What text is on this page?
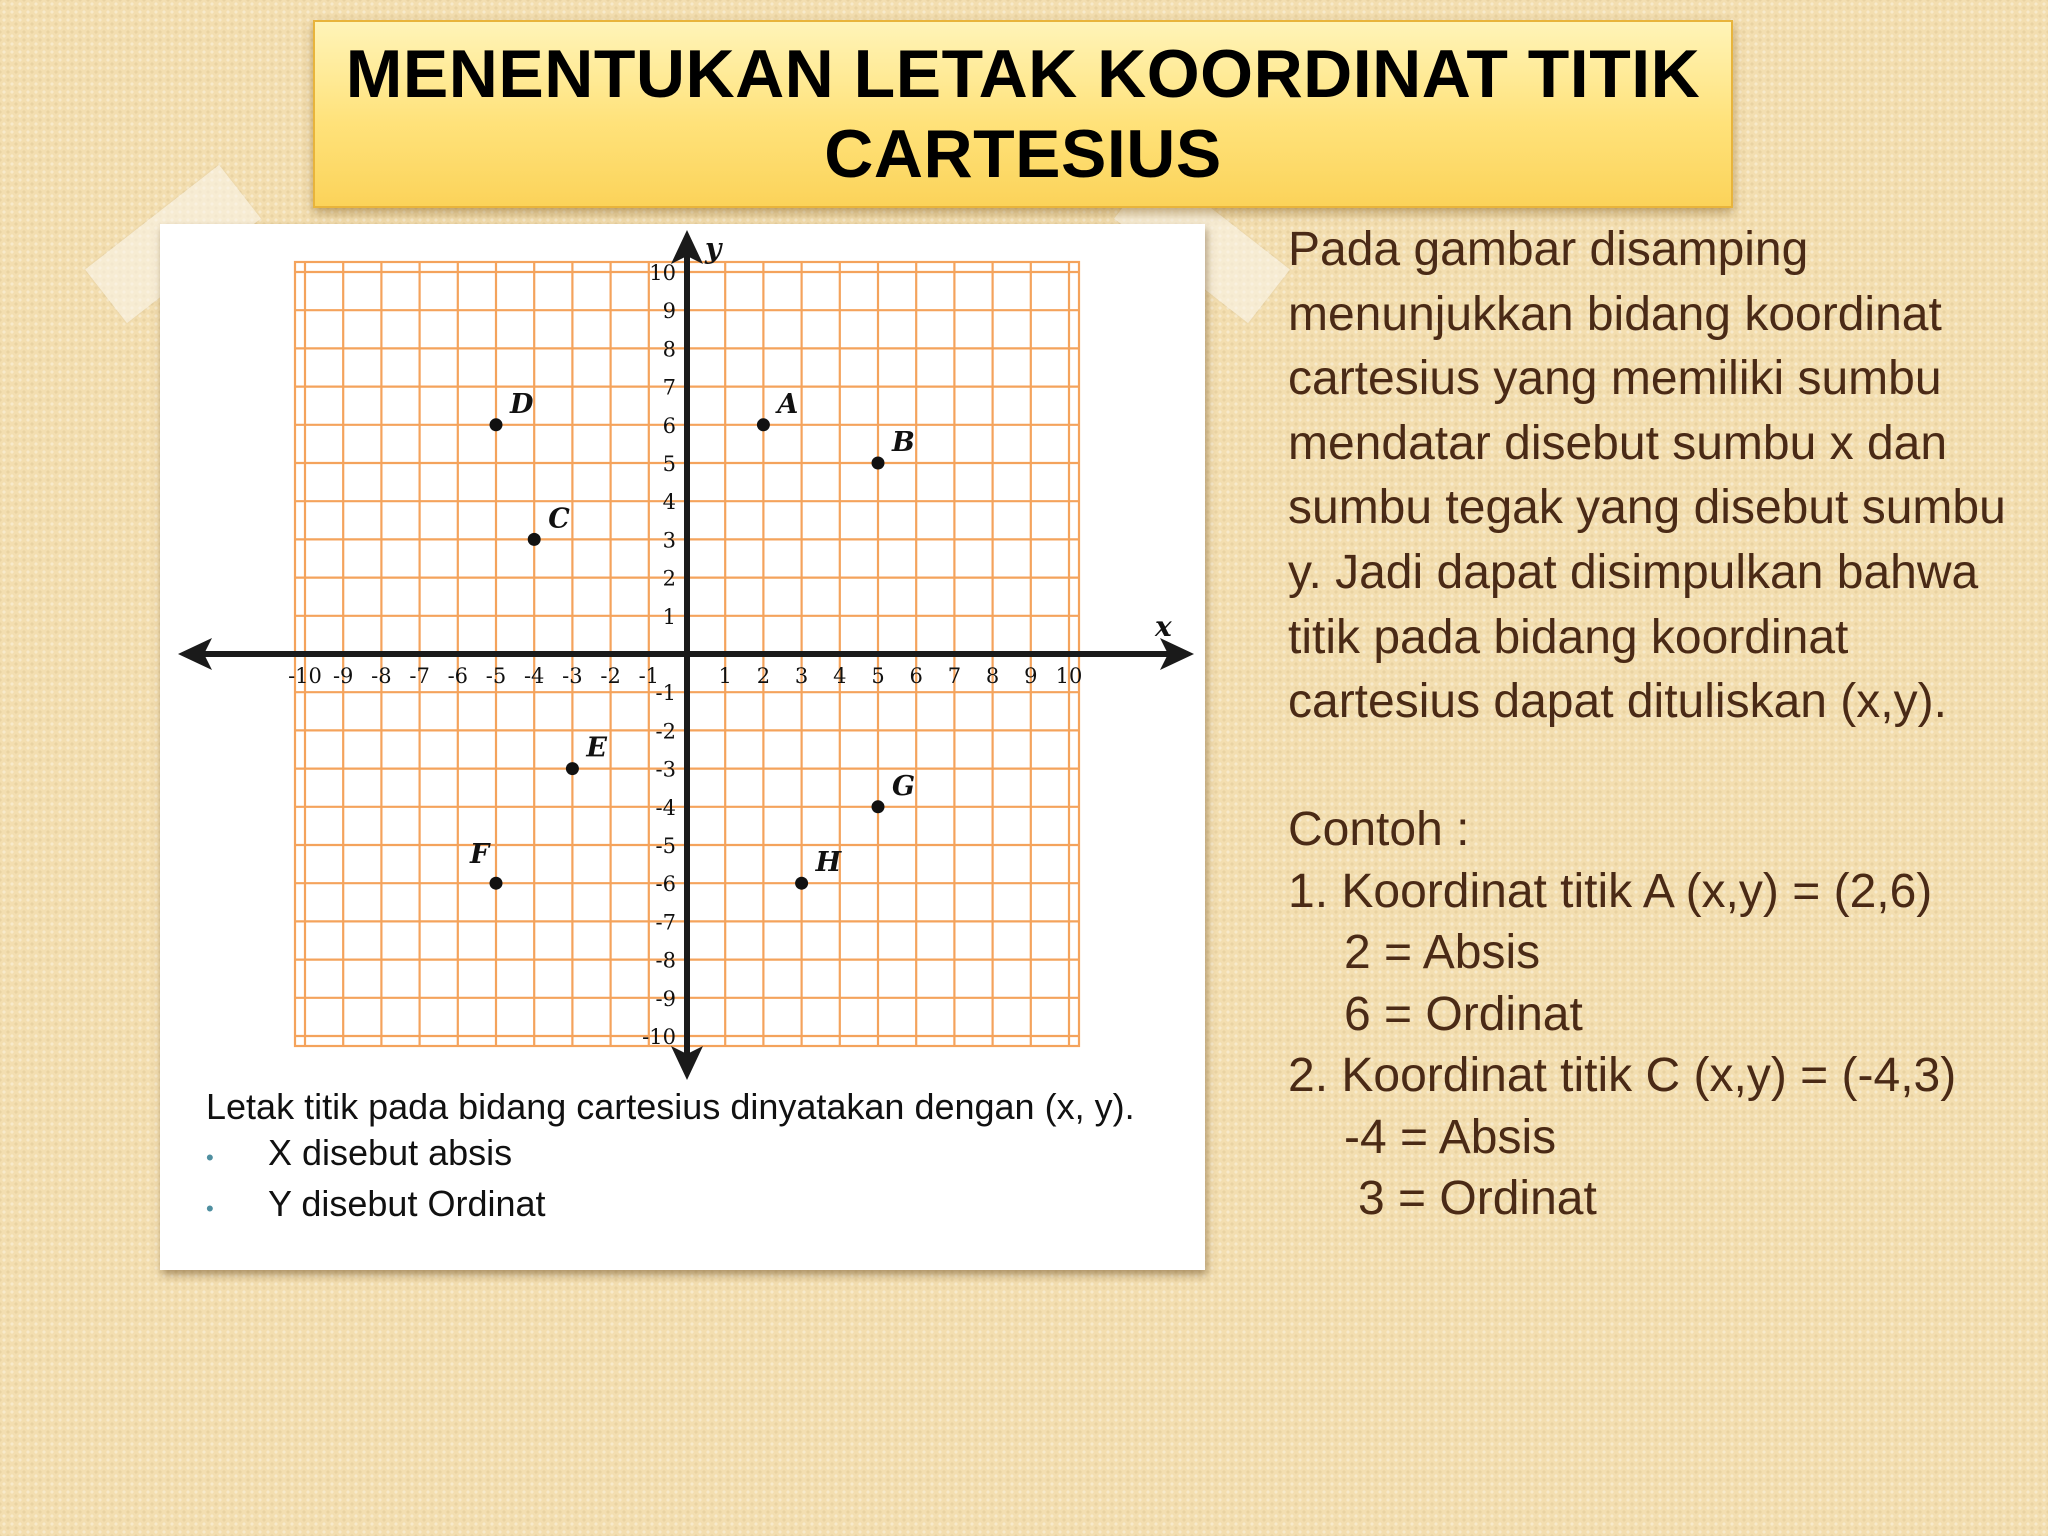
MENENTUKAN LETAK KOORDINAT TITIK CARTESIUS
x
y
-10 -9 -8 -7 -6 -5 -4 -3 -2 -1	1 2 3 4 5 6 7 8 9 10
-10
-9
-8
-7
-6
-5
-4
-3
-2
-1
1
2
3
4
5
6
7
8
9
10
A
B
C
D
E
F
G
H

Letak titik pada bidang cartesius dinyatakan dengan (x, y).

•	X disebut absis
•	Y disebut Ordinat

Pada gambar disamping menunjukkan bidang koordinat cartesius yang memiliki sumbu mendatar disebut sumbu x dan sumbu tegak yang disebut sumbu y. Jadi dapat disimpulkan bahwa titik pada bidang koordinat cartesius dapat dituliskan (x,y).

Contoh :

1. Koordinat titik A (x,y) = (2,6)

2 = Absis

6 = Ordinat

2. Koordinat titik C (x,y) = (-4,3)

-4 = Absis

3 = Ordinat
